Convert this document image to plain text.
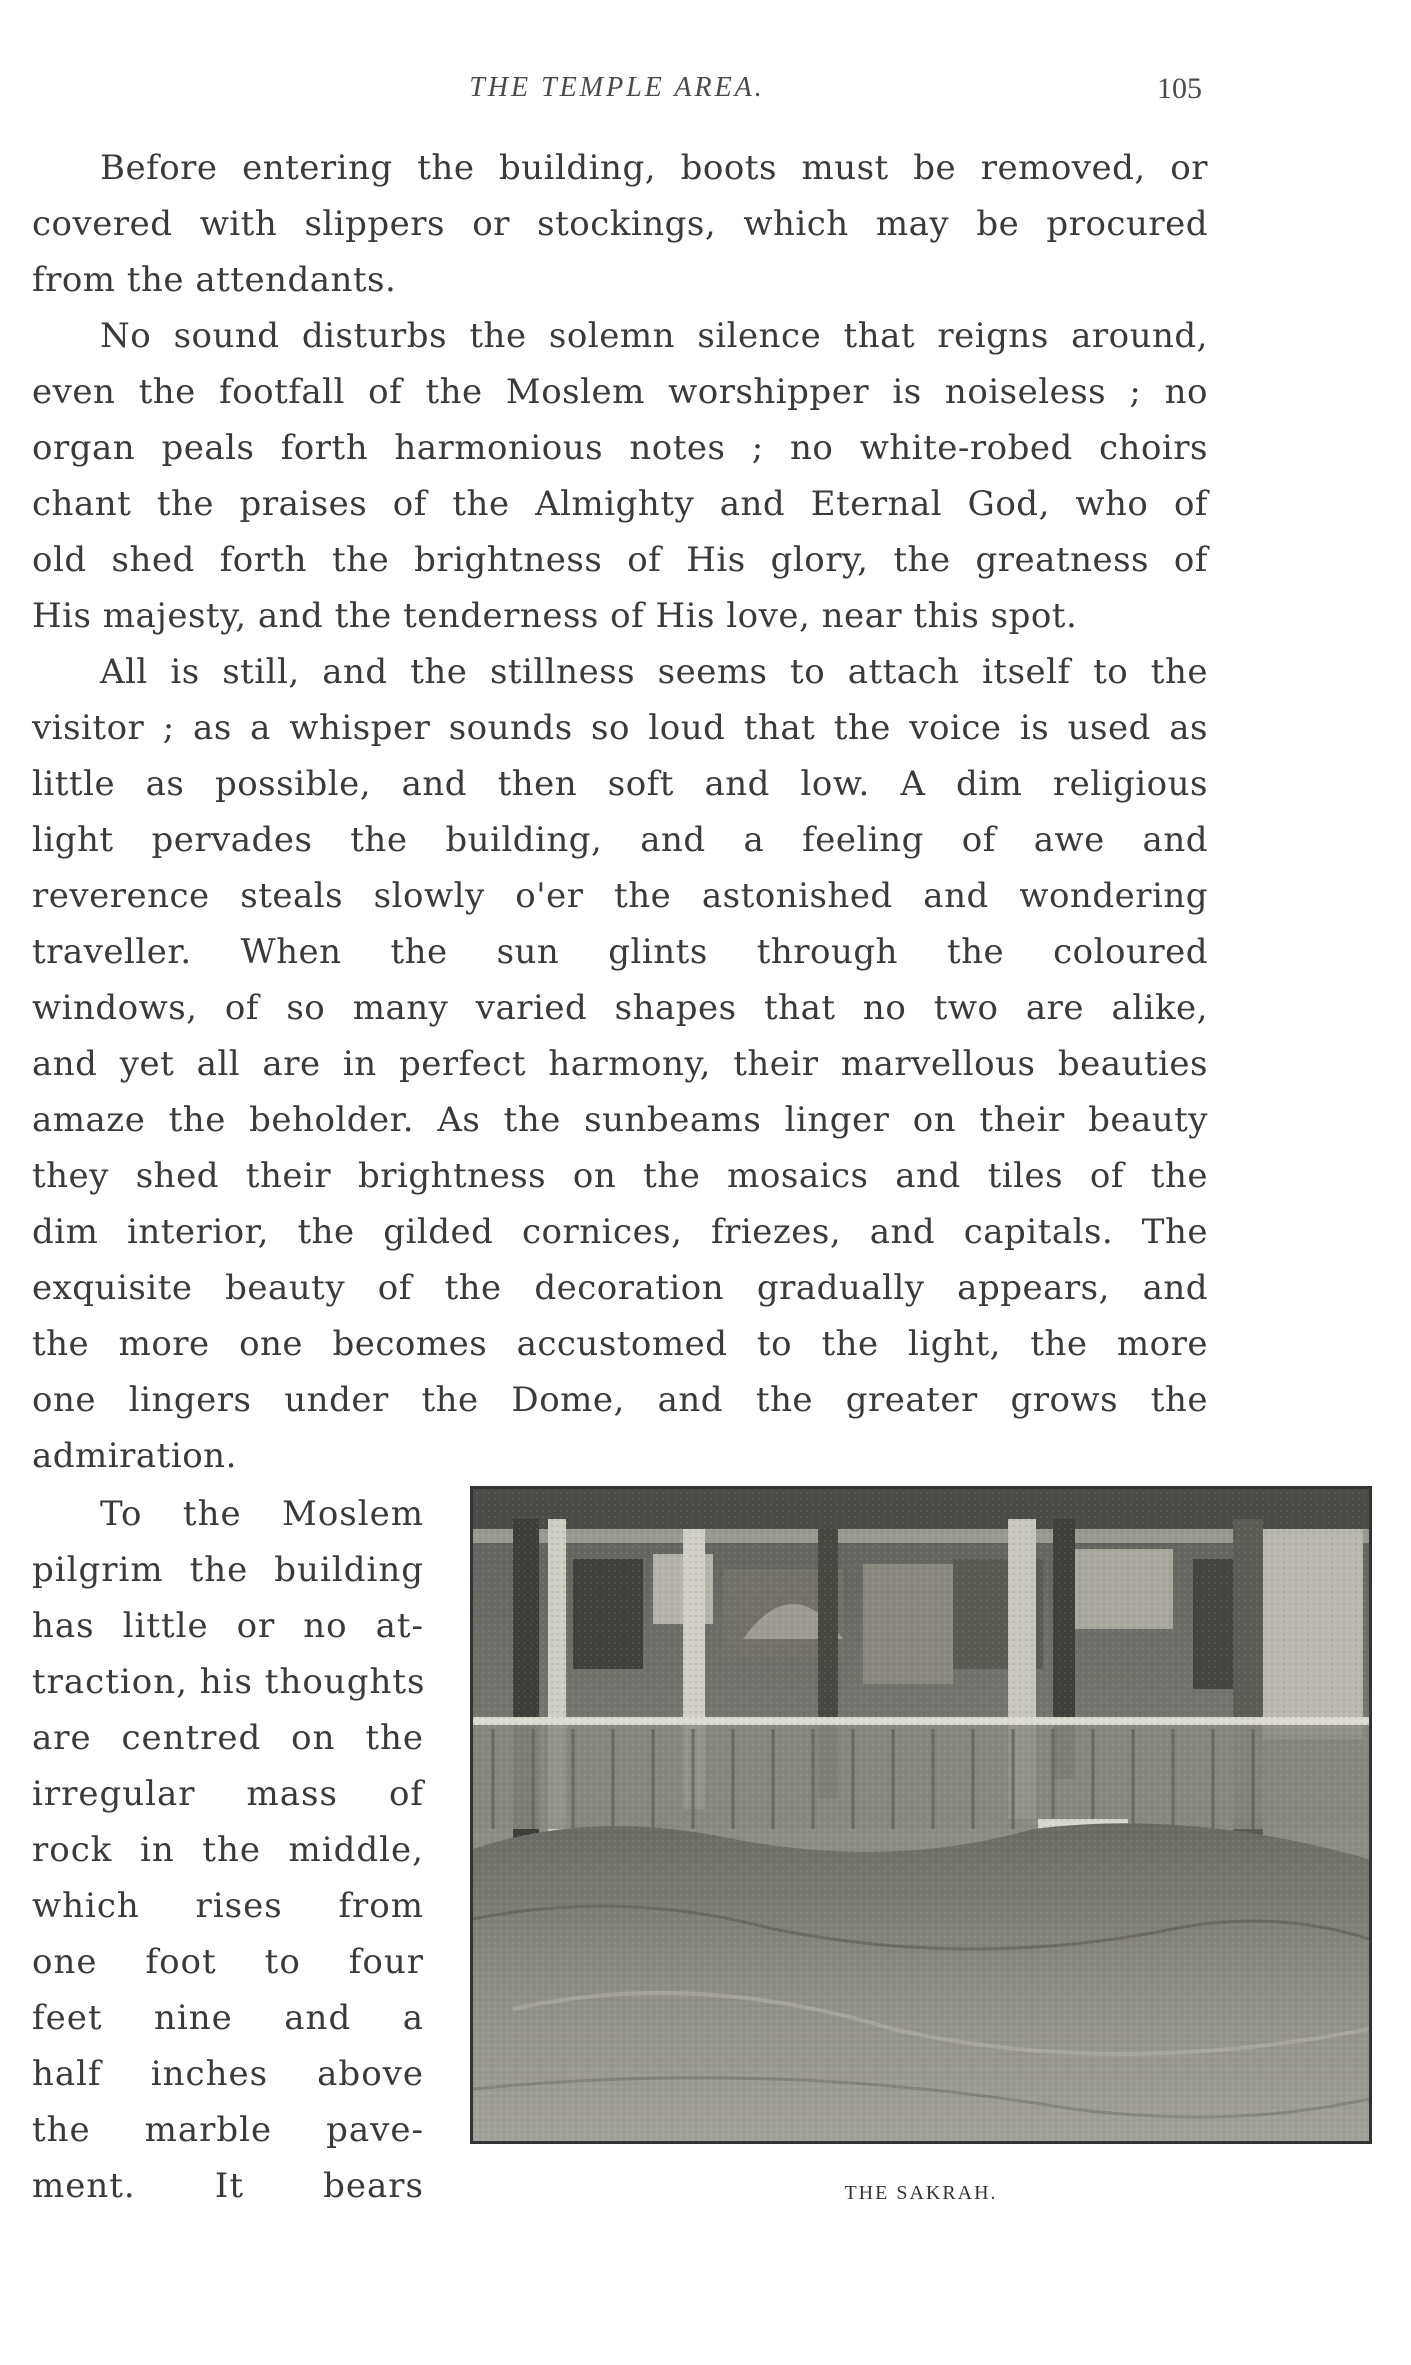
THE TEMPLE AREA.	105
Before entering the building, boots must be removed, or
covered with slippers or stockings, which may be procured
from the attendants.
No sound disturbs the solemn silence that reigns around,
even the footfall of the Moslem worshipper is noiseless ; no
organ peals forth harmonious notes ; no white-robed choirs
chant the praises of the Almighty and Eternal God, who of
old shed forth the brightness of His glory, the greatness of
His majesty, and the tenderness of His love, near this spot.
All is still, and the stillness seems to attach itself to the
visitor ; as a whisper sounds so loud that the voice is used as
little as possible, and then soft and low. A dim religious
light pervades the building, and a feeling of awe and
reverence steals slowly o'er the astonished and wondering
traveller. When the sun glints through the coloured
windows, of so many varied shapes that no two are alike,
and yet all are in perfect harmony, their marvellous beauties
amaze the beholder. As the sunbeams linger on their beauty
they shed their brightness on the mosaics and tiles of the
dim interior, the gilded cornices, friezes, and capitals. The
exquisite beauty of the decoration gradually appears, and
the more one becomes accustomed to the light, the more
one lingers under the Dome, and the greater grows the
admiration.
To the Moslem
pilgrim the building
has little or no at-
traction, his thoughts
are centred on the
irregular mass of
rock in the middle,
which rises from
one foot to four
feet nine and a
half inches above
the marble pave-
ment. It bears	THE SAKRAH.
